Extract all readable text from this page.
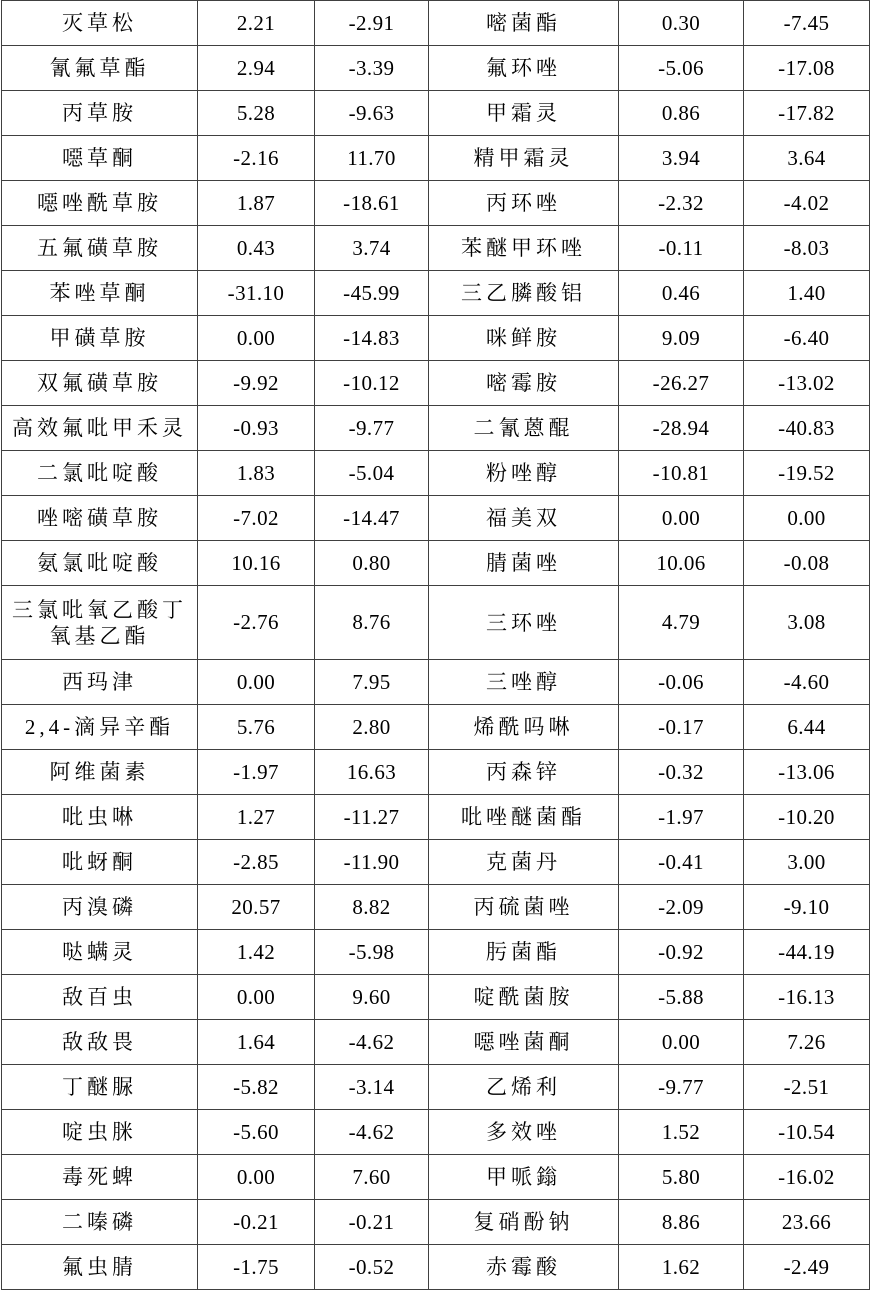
灭草松	2.21	-2.91	嘧菌酯	0.30	-7.45
氰氟草酯	2.94	-3.39	氟环唑	-5.06	-17.08
丙草胺	5.28	-9.63	甲霜灵	0.86	-17.82
噁草酮	-2.16	11.70	精甲霜灵	3.94	3.64
噁唑酰草胺	1.87	-18.61	丙环唑	-2.32	-4.02
五氟磺草胺	0.43	3.74	苯醚甲环唑	-0.11	-8.03
苯唑草酮	-31.10	-45.99	三乙膦酸铝	0.46	1.40
甲磺草胺	0.00	-14.83	咪鲜胺	9.09	-6.40
双氟磺草胺	-9.92	-10.12	嘧霉胺	-26.27	-13.02
高效氟吡甲禾灵	-0.93	-9.77	二氰蒽醌	-28.94	-40.83
二氯吡啶酸	1.83	-5.04	粉唑醇	-10.81	-19.52
唑嘧磺草胺	-7.02	-14.47	福美双	0.00	0.00
氨氯吡啶酸	10.16	0.80	腈菌唑	10.06	-0.08
三氯吡氧乙酸丁氧基乙酯	-2.76	8.76	三环唑	4.79	3.08
西玛津	0.00	7.95	三唑醇	-0.06	-4.60
2,4-滴异辛酯	5.76	2.80	烯酰吗啉	-0.17	6.44
阿维菌素	-1.97	16.63	丙森锌	-0.32	-13.06
吡虫啉	1.27	-11.27	吡唑醚菌酯	-1.97	-10.20
吡蚜酮	-2.85	-11.90	克菌丹	-0.41	3.00
丙溴磷	20.57	8.82	丙硫菌唑	-2.09	-9.10
哒螨灵	1.42	-5.98	肟菌酯	-0.92	-44.19
敌百虫	0.00	9.60	啶酰菌胺	-5.88	-16.13
敌敌畏	1.64	-4.62	噁唑菌酮	0.00	7.26
丁醚脲	-5.82	-3.14	乙烯利	-9.77	-2.51
啶虫脒	-5.60	-4.62	多效唑	1.52	-10.54
毒死蜱	0.00	7.60	甲哌鎓	5.80	-16.02
二嗪磷	-0.21	-0.21	复硝酚钠	8.86	23.66
氟虫腈	-1.75	-0.52	赤霉酸	1.62	-2.49
